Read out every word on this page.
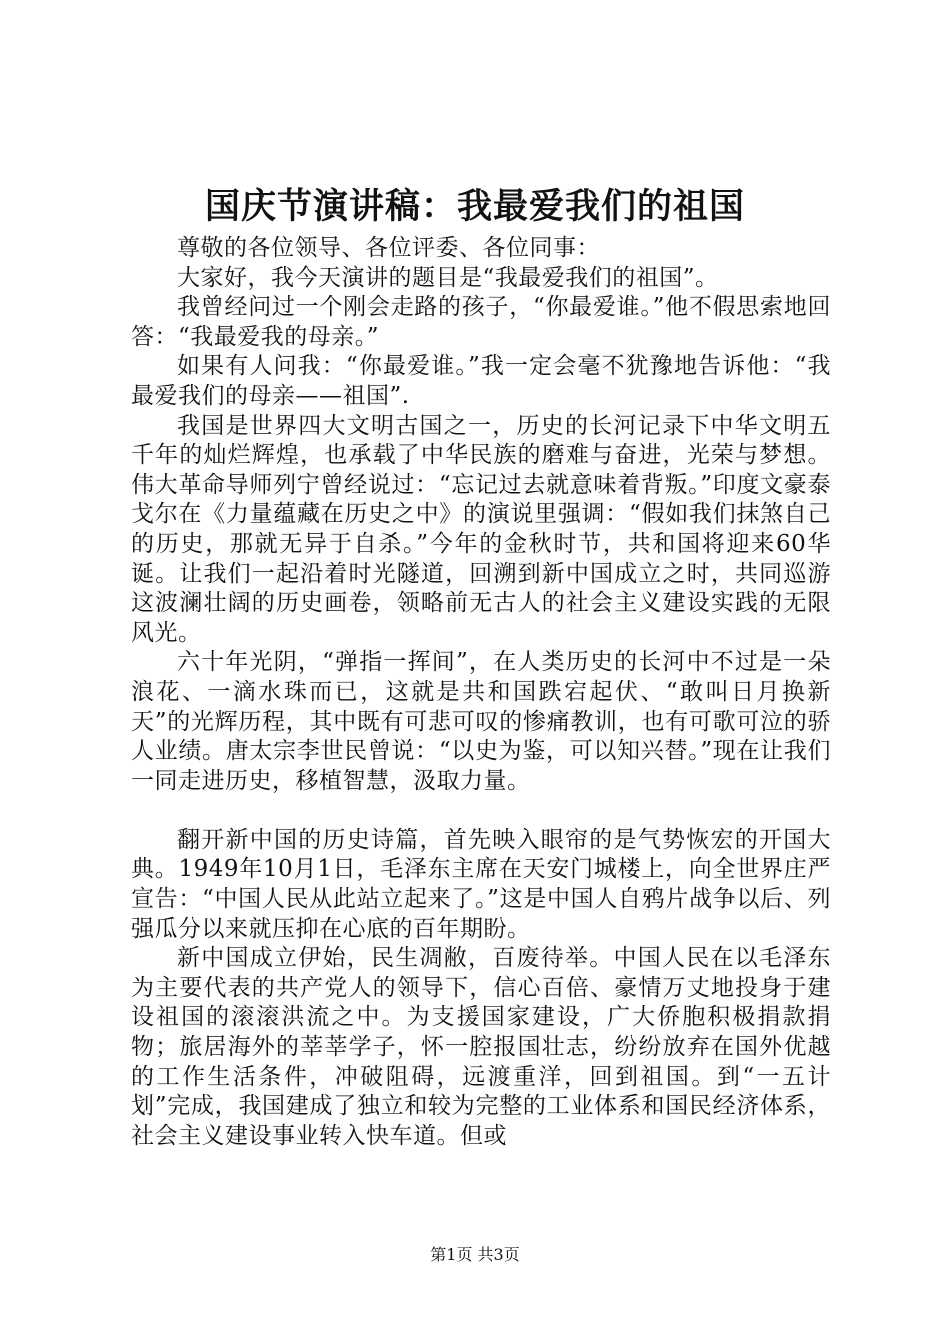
国庆节演讲稿：我最爱我们的祖国

尊敬的各位领导、各位评委、各位同事：

大家好，我今天演讲的题目是“我最爱我们的祖国”。

我曾经问过一个刚会走路的孩子，“你最爱谁。”他不假思索地回答：“我最爱我的母亲。”

如果有人问我：“你最爱谁。”我一定会毫不犹豫地告诉他：“我最爱我们的母亲——祖国”.

我国是世界四大文明古国之一，历史的长河记录下中华文明五千年的灿烂辉煌，也承载了中华民族的磨难与奋进，光荣与梦想。伟大革命导师列宁曾经说过：“忘记过去就意味着背叛。”印度文豪泰戈尔在《力量蕴藏在历史之中》的演说里强调：“假如我们抹煞自己的历史，那就无异于自杀。”今年的金秋时节，共和国将迎来60华诞。让我们一起沿着时光隧道，回溯到新中国成立之时，共同巡游这波澜壮阔的历史画卷，领略前无古人的社会主义建设实践的无限风光。

六十年光阴，“弹指一挥间”，在人类历史的长河中不过是一朵浪花、一滴水珠而已，这就是共和国跌宕起伏、“敢叫日月换新天”的光辉历程，其中既有可悲可叹的惨痛教训，也有可歌可泣的骄人业绩。唐太宗李世民曾说：“以史为鉴，可以知兴替。”现在让我们一同走进历史，移植智慧，汲取力量。

翻开新中国的历史诗篇，首先映入眼帘的是气势恢宏的开国大典。1949年10月1日，毛泽东主席在天安门城楼上，向全世界庄严宣告：“中国人民从此站立起来了。”这是中国人自鸦片战争以后、列强瓜分以来就压抑在心底的百年期盼。

新中国成立伊始，民生凋敝，百废待举。中国人民在以毛泽东为主要代表的共产党人的领导下，信心百倍、豪情万丈地投身于建设祖国的滚滚洪流之中。为支援国家建设，广大侨胞积极捐款捐物；旅居海外的莘莘学子，怀一腔报国壮志，纷纷放弃在国外优越的工作生活条件，冲破阻碍，远渡重洋，回到祖国。到“一五计划”完成，我国建成了独立和较为完整的工业体系和国民经济体系，社会主义建设事业转入快车道。但或

第1页 共3页
